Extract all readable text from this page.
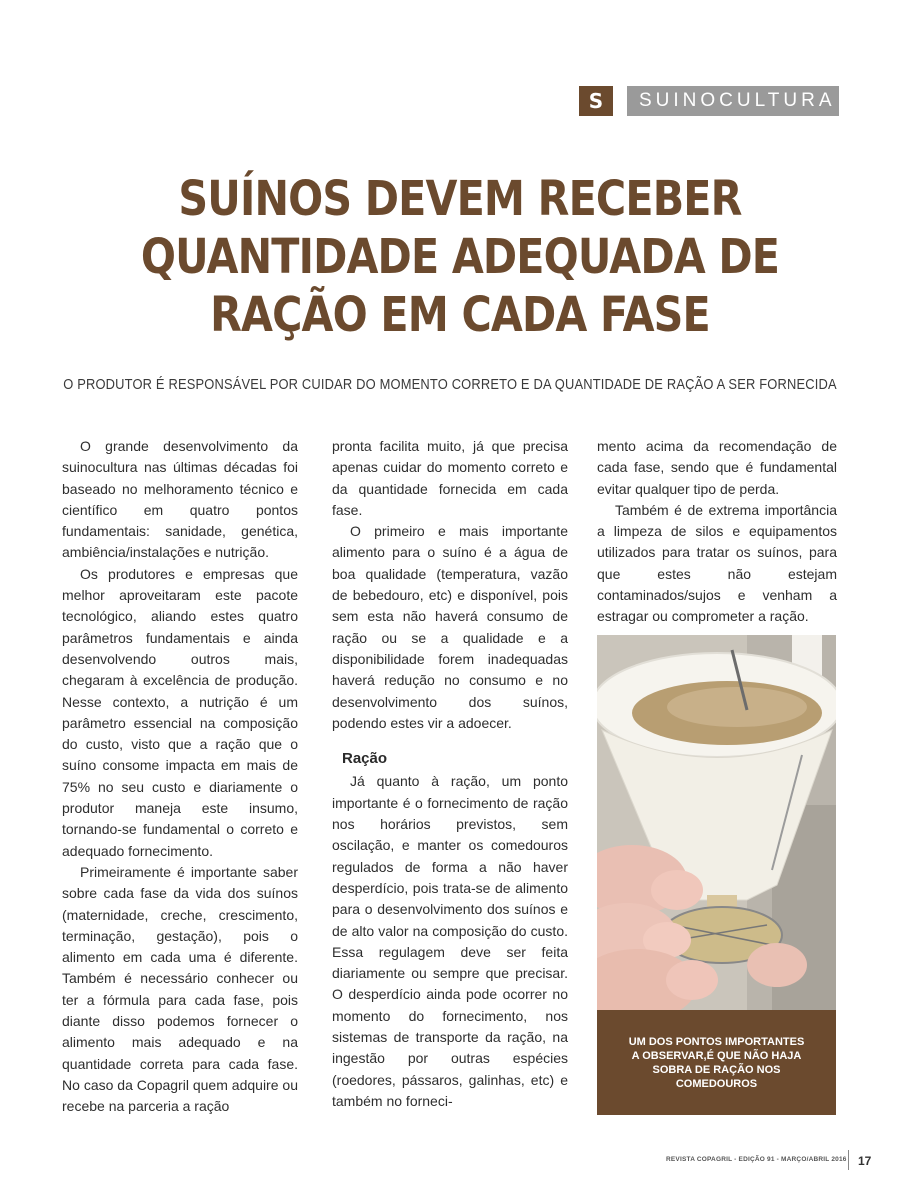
S	SUINOCULTURA
SUÍNOS DEVEM RECEBER
QUANTIDADE ADEQUADA DE
RAÇÃO EM CADA FASE
O PRODUTOR É RESPONSÁVEL POR CUIDAR DO MOMENTO CORRETO E DA QUANTIDADE DE RAÇÃO A SER FORNECIDA

O grande desenvolvimento da suinocultura nas últimas décadas foi baseado no melhoramento técnico e científico em quatro pontos fundamentais: sanidade, genética, ambiência/instalações e nutrição.

Os produtores e empresas que melhor aproveitaram este pacote tecnológico, aliando estes quatro parâmetros fundamentais e ainda desenvolvendo outros mais, chegaram à excelência de produção. Nesse contexto, a nutrição é um parâmetro essencial na composição do custo, visto que a ração que o suíno consome impacta em mais de 75% no seu custo e diariamente o produtor maneja este insumo, tornando-se fundamental o correto e adequado fornecimento.

Primeiramente é importante saber sobre cada fase da vida dos suínos (maternidade, creche, crescimento, terminação, gestação), pois o alimento em cada uma é diferente. Também é necessário conhecer ou ter a fórmula para cada fase, pois diante disso podemos fornecer o alimento mais adequado e na quantidade correta para cada fase. No caso da Copagril quem adquire ou recebe na parceria a ração

pronta facilita muito, já que precisa apenas cuidar do momento correto e da quantidade fornecida em cada fase.

O primeiro e mais importante alimento para o suíno é a água de boa qualidade (temperatura, vazão de bebedouro, etc) e disponível, pois sem esta não haverá consumo de ração ou se a qualidade e a disponibilidade forem inadequadas haverá redução no consumo e no desenvolvimento dos suínos, podendo estes vir a adoecer.

Ração

Já quanto à ração, um ponto importante é o fornecimento de ração nos horários previstos, sem oscilação, e manter os comedouros regulados de forma a não haver desperdício, pois trata-se de alimento para o desenvolvimento dos suínos e de alto valor na composição do custo. Essa regulagem deve ser feita diariamente ou sempre que precisar. O desperdício ainda pode ocorrer no momento do fornecimento, nos sistemas de transporte da ração, na ingestão por outras espécies (roedores, pássaros, galinhas, etc) e também no forneci-

mento acima da recomendação de cada fase, sendo que é fundamental evitar qualquer tipo de perda.

Também é de extrema importância a limpeza de silos e equipamentos utilizados para tratar os suínos, para que estes não estejam contaminados/sujos e venham a estragar ou comprometer a ração.

UM DOS PONTOS IMPORTANTES A OBSERVAR,É QUE NÃO HAJA SOBRA DE RAÇÃO NOS COMEDOUROS
REVISTA COPAGRIL - EDIÇÃO 91 - MARÇO/ABRIL 2016 17
